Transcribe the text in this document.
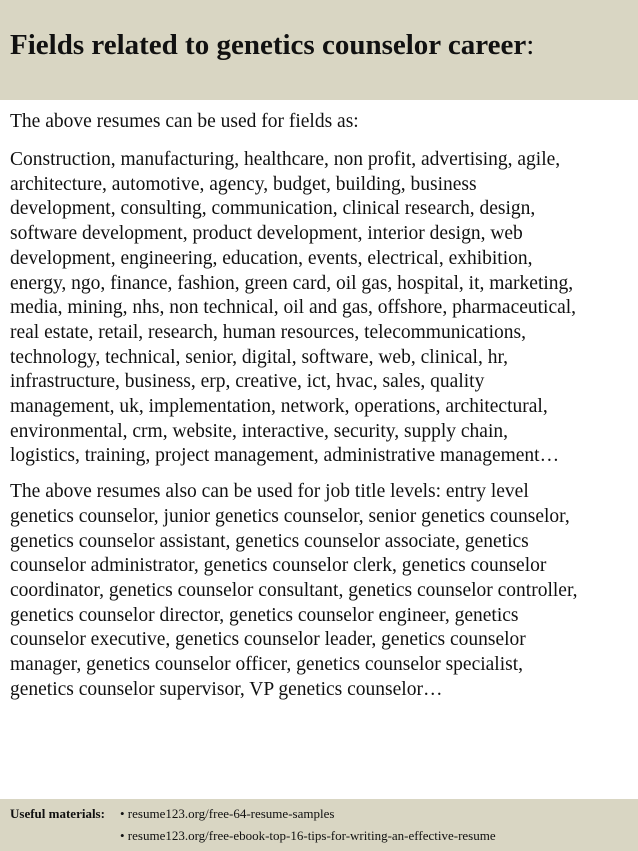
Fields related to genetics counselor career:
The above resumes can be used for fields as:
Construction, manufacturing, healthcare, non profit, advertising, agile,
architecture, automotive, agency, budget, building, business
development, consulting, communication, clinical research, design,
software development, product development, interior design, web
development, engineering, education, events, electrical, exhibition,
energy, ngo, finance, fashion, green card, oil gas, hospital, it, marketing,
media, mining, nhs, non technical, oil and gas, offshore, pharmaceutical,
real estate, retail, research, human resources, telecommunications,
technology, technical, senior, digital, software, web, clinical, hr,
infrastructure, business, erp, creative, ict, hvac, sales, quality
management, uk, implementation, network, operations, architectural,
environmental, crm, website, interactive, security, supply chain,
logistics, training, project management, administrative management…
The above resumes also can be used for job title levels: entry level
genetics counselor, junior genetics counselor, senior genetics counselor,
genetics counselor assistant, genetics counselor associate, genetics
counselor administrator, genetics counselor clerk, genetics counselor
coordinator, genetics counselor consultant, genetics counselor controller,
genetics counselor director, genetics counselor engineer, genetics
counselor executive, genetics counselor leader, genetics counselor
manager, genetics counselor officer, genetics counselor specialist,
genetics counselor supervisor, VP genetics counselor…
Useful materials:	• resume123.org/free-64-resume-samples
• resume123.org/free-ebook-top-16-tips-for-writing-an-effective-resume
